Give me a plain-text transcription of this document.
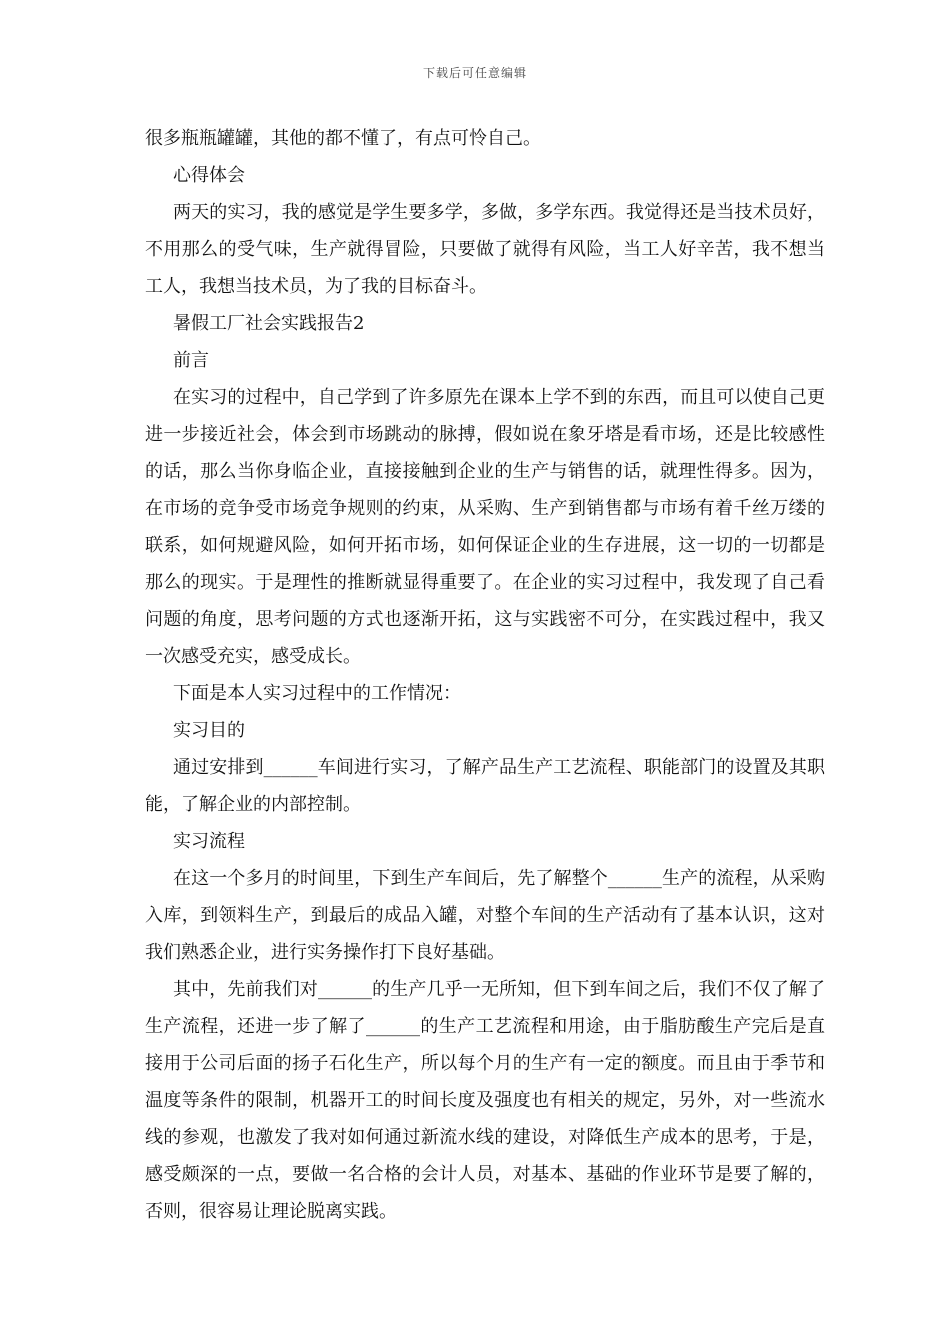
下载后可任意编辑

很多瓶瓶罐罐，其他的都不懂了，有点可怜自己。

心得体会

两天的实习，我的感觉是学生要多学，多做，多学东西。我觉得还是当技术员好，不用那么的受气味，生产就得冒险，只要做了就得有风险，当工人好辛苦，我不想当工人，我想当技术员，为了我的目标奋斗。

暑假工厂社会实践报告2

前言

在实习的过程中，自己学到了许多原先在课本上学不到的东西，而且可以使自己更进一步接近社会，体会到市场跳动的脉搏，假如说在象牙塔是看市场，还是比较感性的话，那么当你身临企业，直接接触到企业的生产与销售的话，就理性得多。因为，在市场的竞争受市场竞争规则的约束，从采购、生产到销售都与市场有着千丝万缕的联系，如何规避风险，如何开拓市场，如何保证企业的生存进展，这一切的一切都是那么的现实。于是理性的推断就显得重要了。在企业的实习过程中，我发现了自己看问题的角度，思考问题的方式也逐渐开拓，这与实践密不可分，在实践过程中，我又一次感受充实，感受成长。

下面是本人实习过程中的工作情况：

实习目的

通过安排到______车间进行实习，了解产品生产工艺流程、职能部门的设置及其职能，了解企业的内部控制。

实习流程

在这一个多月的时间里，下到生产车间后，先了解整个______生产的流程，从采购入库，到领料生产，到最后的成品入罐，对整个车间的生产活动有了基本认识，这对我们熟悉企业，进行实务操作打下良好基础。

其中，先前我们对______的生产几乎一无所知，但下到车间之后，我们不仅了解了生产流程，还进一步了解了______的生产工艺流程和用途，由于脂肪酸生产完后是直接用于公司后面的扬子石化生产，所以每个月的生产有一定的额度。而且由于季节和温度等条件的限制，机器开工的时间长度及强度也有相关的规定，另外，对一些流水线的参观，也激发了我对如何通过新流水线的建设，对降低生产成本的思考，于是，感受颇深的一点，要做一名合格的会计人员，对基本、基础的作业环节是要了解的，否则，很容易让理论脱离实践。
